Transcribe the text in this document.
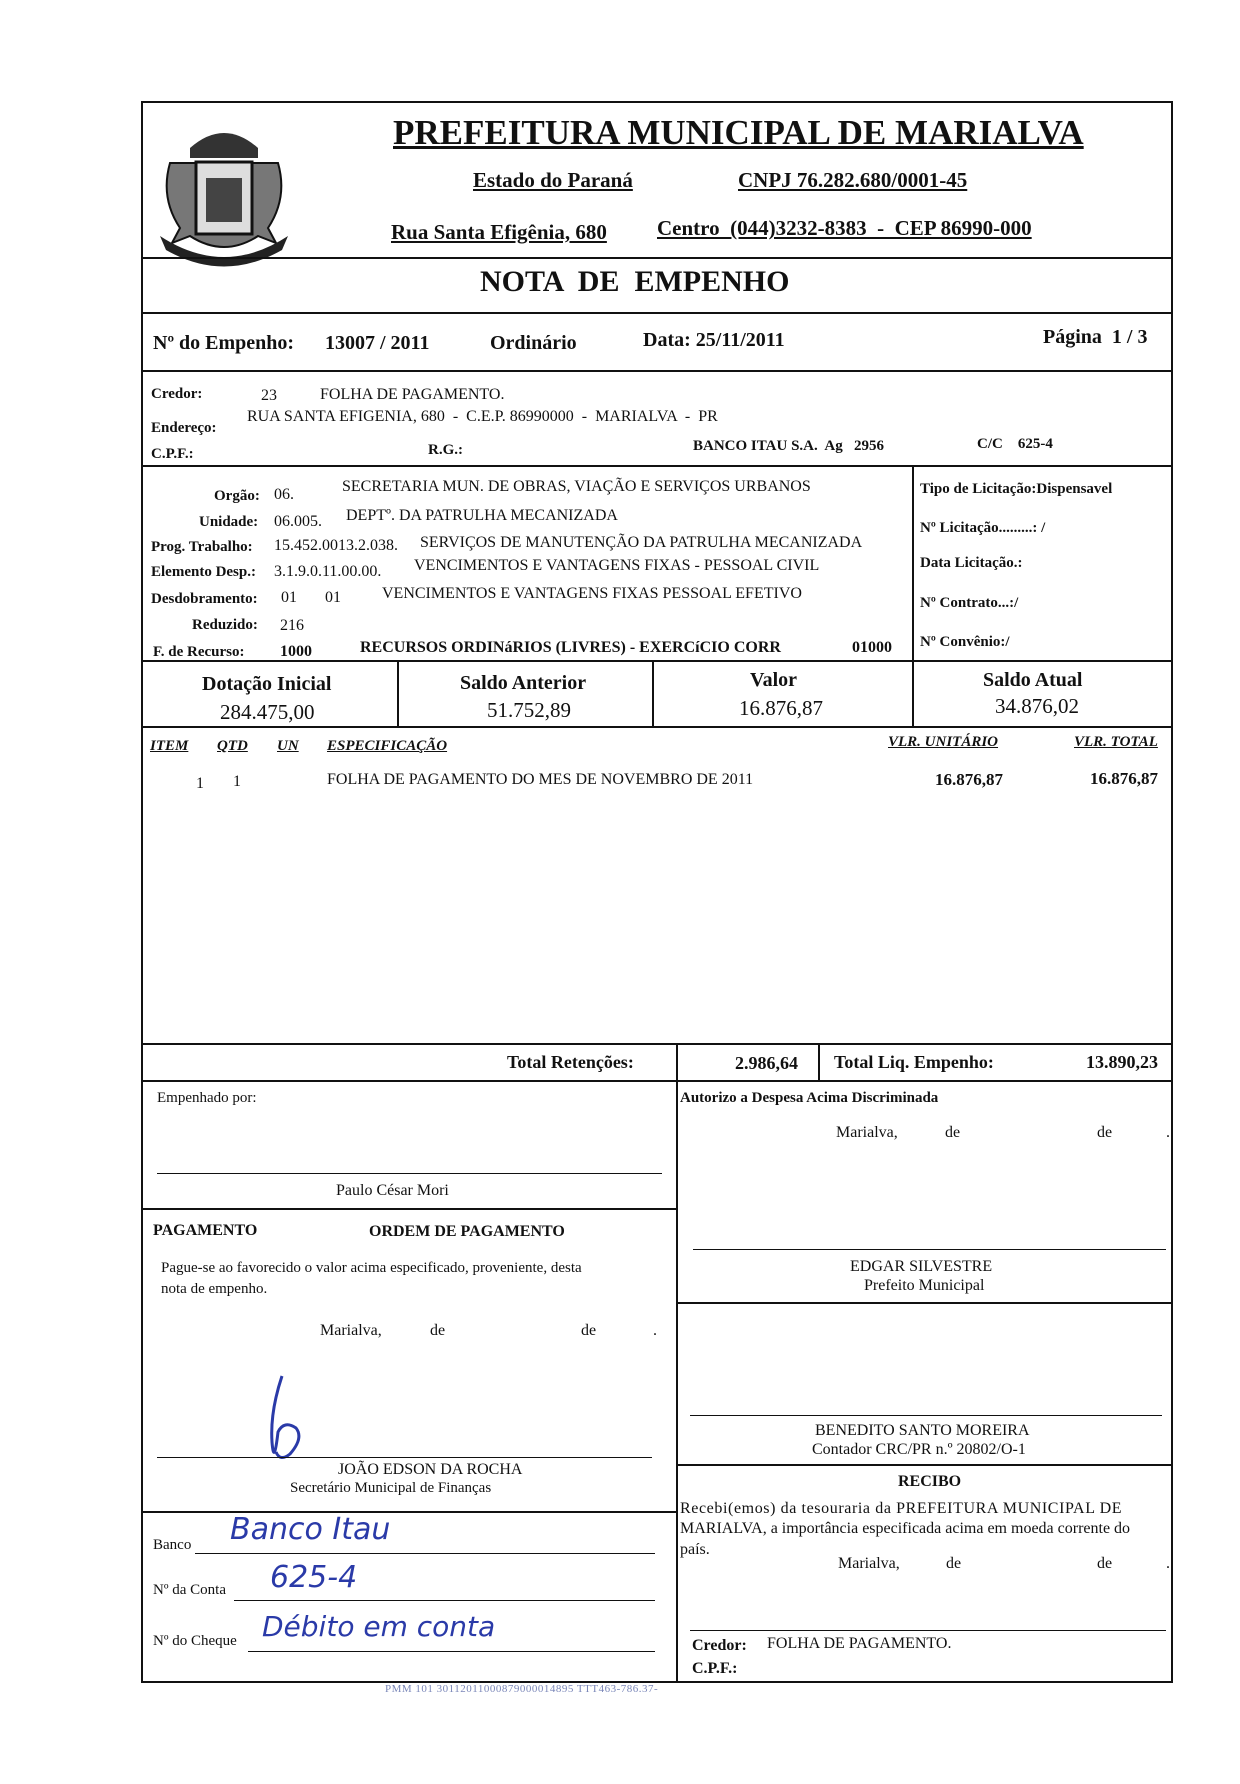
PREFEITURA MUNICIPAL DE MARIALVA
Estado do Paraná	CNPJ 76.282.680/0001-45
Rua Santa Efigênia, 680 Centro  (044)3232-8383  -  CEP 86990-000
NOTA  DE  EMPENHO
Nº do Empenho: 13007 / 2011	Ordinário	Data: 25/11/2011	Página  1 / 3
Credor:	23	FOLHA DE PAGAMENTO.
Endereço:
RUA SANTA EFIGENIA, 680  -  C.E.P. 86990000  -  MARIALVA  -  PR
C.P.F.:	R.G.:	BANCO ITAU S.A.  Ag   2956	C/C    625-4
Orgão: 06.	SECRETARIA MUN. DE OBRAS, VIAÇÃO E SERVIÇOS URBANOS
Unidade: 06.005. DEPTº. DA PATRULHA MECANIZADA
Prog. Trabalho: 15.452.0013.2.038. SERVIÇOS DE MANUTENÇÃO DA PATRULHA MECANIZADA
Elemento Desp.: 3.1.9.0.11.00.00. VENCIMENTOS E VANTAGENS FIXAS - PESSOAL CIVIL
Desdobramento: 01 01	VENCIMENTOS E VANTAGENS FIXAS PESSOAL EFETIVO
Reduzido: 216
F. de Recurso: 1000	RECURSOS ORDINáRIOS (LIVRES) - EXERCíCIO CORR	01000
Tipo de Licitação:Dispensavel
Nº Licitação.........: /
Data Licitação.:
Nº Contrato...:/
Nº Convênio:/
Dotação Inicial
284.475,00
Saldo Anterior
51.752,89
Valor
16.876,87
Saldo Atual
34.876,02
ITEM QTD UN ESPECIFICAÇÃO	VLR. UNITÁRIO	VLR. TOTAL
1 1	FOLHA DE PAGAMENTO DO MES DE NOVEMBRO DE 2011	16.876,87	16.876,87
Total Retenções:	2.986,64 Total Liq. Empenho:	13.890,23
Empenhado por:
Paulo César Mori
Autorizo a Despesa Acima Discriminada
Marialva,	de	de	.
EDGAR SILVESTRE
Prefeito Municipal
PAGAMENTO	ORDEM DE PAGAMENTO
Pague-se ao favorecido o valor acima especificado, proveniente, desta
nota de empenho.
Marialva,	de	de	.
JOÃO EDSON DA ROCHA
Secretário Municipal de Finanças
BENEDITO SANTO MOREIRA
Contador CRC/PR n.º 20802/O-1
RECIBO
Recebi(emos) da tesouraria da PREFEITURA MUNICIPAL DE
MARIALVA, a importância especificada acima em moeda corrente do
país.
Marialva,	de	de	.
Credor: FOLHA DE PAGAMENTO.
C.P.F.:
Banco Banco Itau
Nº da Conta 625-4
Nº do Cheque Débito em conta
PMM 101 30112011000879000014895 TTT463-786.37-
